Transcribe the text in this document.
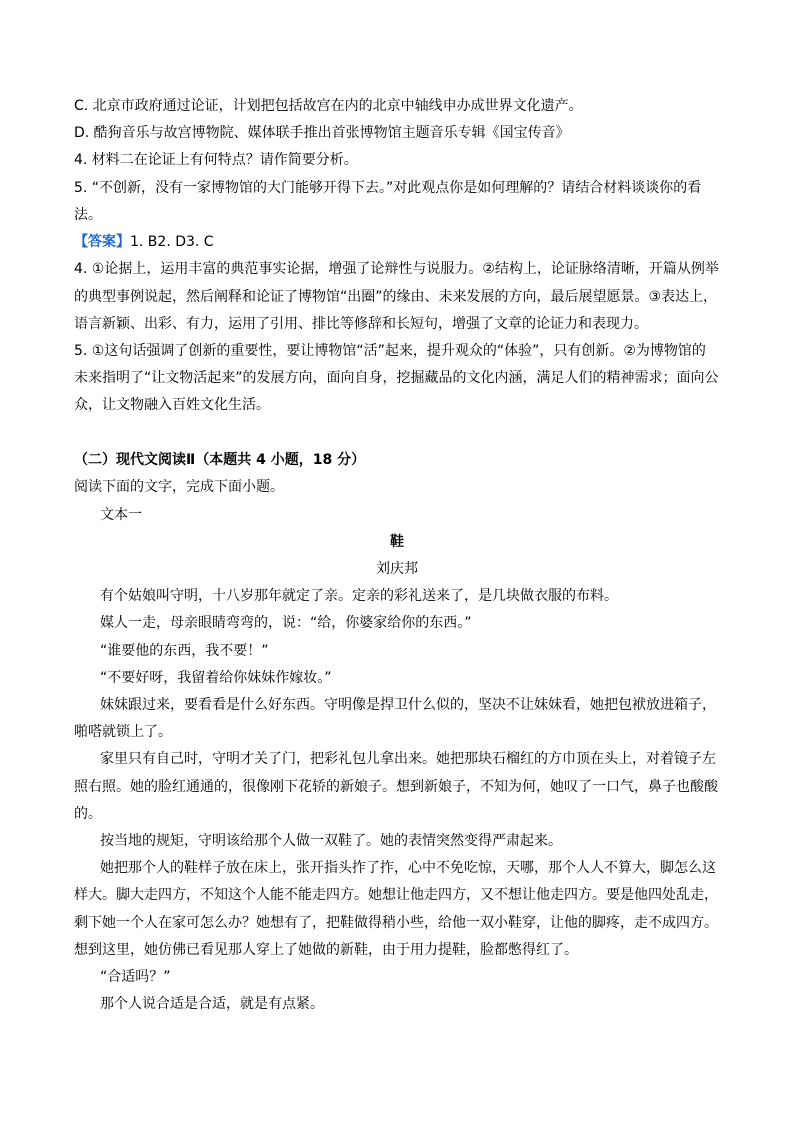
C. 北京市政府通过论证，计划把包括故宫在内的北京中轴线申办成世界文化遗产。
D. 酷狗音乐与故宫博物院、媒体联手推出首张博物馆主题音乐专辑《国宝传音》
4. 材料二在论证上有何特点？请作简要分析。
5. “不创新，没有一家博物馆的大门能够开得下去。”对此观点你是如何理解的？请结合材料谈谈你的看
法。
【答案】1. B2. D3. C
4. ①论据上，运用丰富的典范事实论据，增强了论辩性与说服力。②结构上，论证脉络清晰，开篇从例举
的典型事例说起，然后阐释和论证了博物馆“出圈”的缘由、未来发展的方向，最后展望愿景。③表达上，
语言新颖、出彩、有力，运用了引用、排比等修辞和长短句，增强了文章的论证力和表现力。
5. ①这句话强调了创新的重要性，要让博物馆“活”起来，提升观众的“体验”，只有创新。②为博物馆的
未来指明了“让文物活起来”的发展方向，面向自身，挖掘藏品的文化内涵，满足人们的精神需求；面向公
众，让文物融入百姓文化生活。
（二）现代文阅读Ⅱ（本题共 4 小题，18 分）
阅读下面的文字，完成下面小题。
文本一
鞋
刘庆邦
有个姑娘叫守明，十八岁那年就定了亲。定亲的彩礼送来了，是几块做衣服的布料。
媒人一走，母亲眼睛弯弯的，说：“给，你婆家给你的东西。”
“谁要他的东西，我不要！”
“不要好呀，我留着给你妹妹作嫁妆。”
妹妹跟过来，要看看是什么好东西。守明像是捍卫什么似的，坚决不让妹妹看，她把包袱放进箱子，
啪嗒就锁上了。
家里只有自己时，守明才关了门，把彩礼包儿拿出来。她把那块石榴红的方巾顶在头上，对着镜子左
照右照。她的脸红通通的，很像刚下花轿的新娘子。想到新娘子，不知为何，她叹了一口气，鼻子也酸酸
的。
按当地的规矩，守明该给那个人做一双鞋了。她的表情突然变得严肃起来。
她把那个人的鞋样子放在床上，张开指头拃了拃，心中不免吃惊，天哪，那个人人不算大，脚怎么这
样大。脚大走四方，不知这个人能不能走四方。她想让他走四方，又不想让他走四方。要是他四处乱走，
剩下她一个人在家可怎么办？她想有了，把鞋做得稍小些，给他一双小鞋穿，让他的脚疼，走不成四方。
想到这里，她仿佛已看见那人穿上了她做的新鞋，由于用力提鞋，脸都憋得红了。
“合适吗？”
那个人说合适是合适，就是有点紧。
